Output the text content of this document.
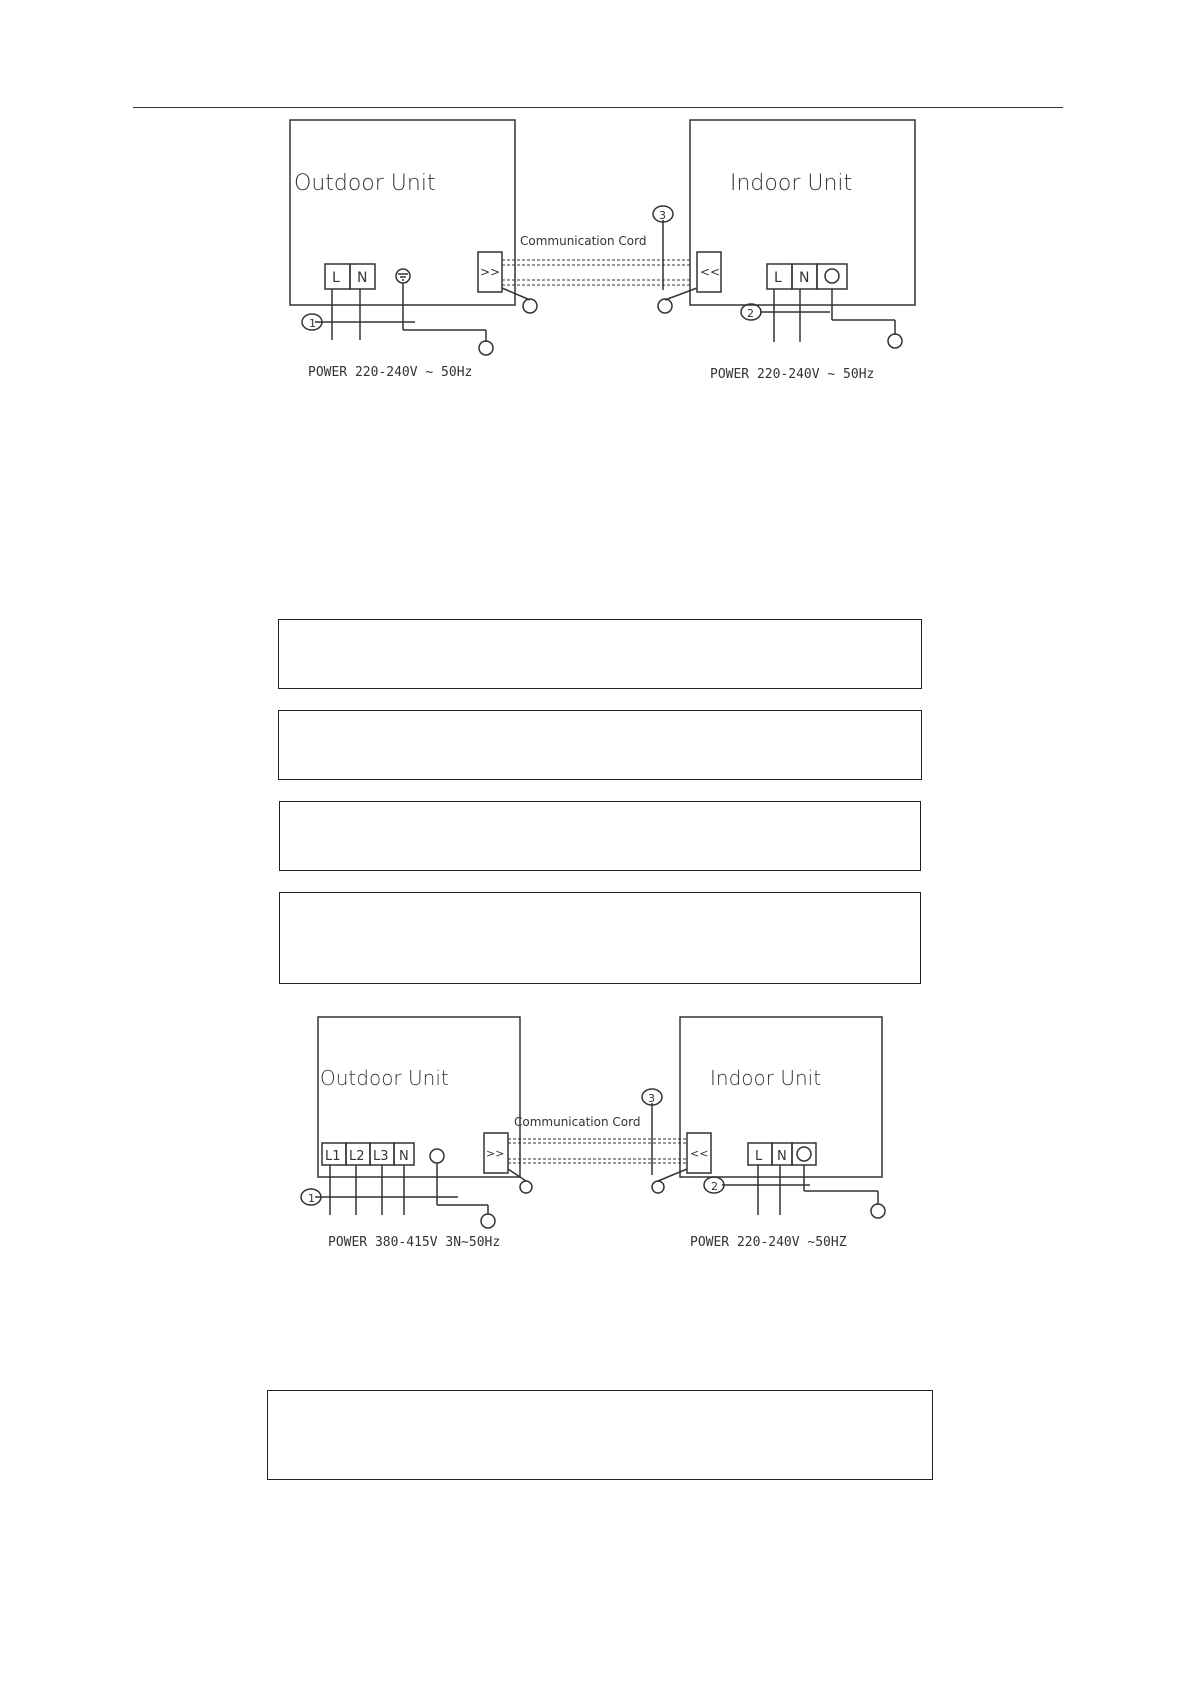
Outdoor Unit	Indoor Unit
Communication Cord
L N	L N
>>	<<
1
2
3
POWER 220-240V ~ 50Hz	POWER 220-240V ~ 50Hz
Outdoor Unit	Indoor Unit
Communication Cord
L1 L2 L3 N	L N
>>	<<
1
2
3
POWER 380-415V 3N~50Hz	POWER 220-240V ~50HZ
